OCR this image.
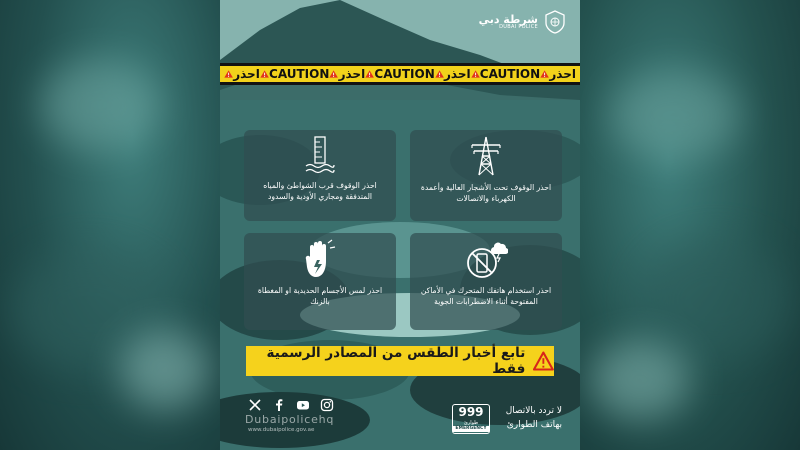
شرطة دبي
DUBAI POLICE
احذر CAUTION احذر CAUTION احذر CAUTION احذر
احذر الوقوف قرب الشواطئ والمياه المتدفقة ومجاري الأودية والسدود
احذر الوقوف تحت الأشجار العالية وأعمدة الكهرباء والاتصالات
احذر لمس الأجسام الحديدية او المغطاة بالزنك
احذر استخدام هاتفك المتحرك في الأماكن المفتوحة أثناء الاضطرابات الجوية
تابع أخبار الطقس من المصادر الرسمية فقط
Dubaipolicehq
www.dubaipolice.gov.ae
999
طوارئ
EMERGENCY
لا تردد بالاتصال
بهاتف الطوارئ
